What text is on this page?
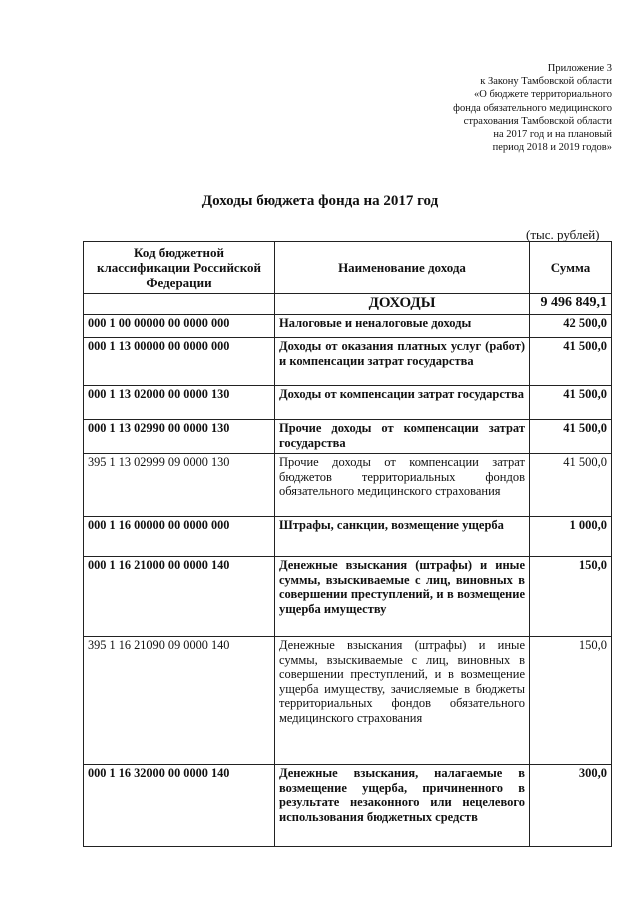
Приложение 3
к Закону Тамбовской области
«О бюджете территориального
фонда обязательного медицинского
страхования Тамбовской области
на 2017 год и на плановый
период 2018 и 2019 годов»
Доходы бюджета фонда на 2017 год
(тыс. рублей)
Код бюджетной классификации Российской Федерации	Наименование дохода	Сумма
	ДОХОДЫ	9 496 849,1
000 1 00 00000 00 0000 000	Налоговые и неналоговые доходы	42 500,0
000 1 13 00000 00 0000 000	Доходы от оказания платных услуг (работ) и компенсации затрат государства	41 500,0
000 1 13 02000 00 0000 130	Доходы от компенсации затрат государства	41 500,0
000 1 13 02990 00 0000 130	Прочие доходы от компенсации затрат государства	41 500,0
395 1 13 02999 09 0000 130	Прочие доходы от компенсации затрат бюджетов территориальных фондов обязательного медицинского страхования	41 500,0
000 1 16 00000 00 0000 000	Штрафы, санкции, возмещение ущерба	1 000,0
000 1 16 21000 00 0000 140	Денежные взыскания (штрафы) и иные суммы, взыскиваемые с лиц, виновных в совершении преступлений, и в возмещение ущерба имуществу	150,0
395 1 16 21090 09 0000 140	Денежные взыскания (штрафы) и иные суммы, взыскиваемые с лиц, виновных в совершении преступлений, и в возмещение ущерба имуществу, зачисляемые в бюджеты территориальных фондов обязательного медицинского страхования	150,0
000 1 16 32000 00 0000 140	Денежные взыскания, налагаемые в возмещение ущерба, причиненного в результате незаконного или нецелевого использования бюджетных средств	300,0
